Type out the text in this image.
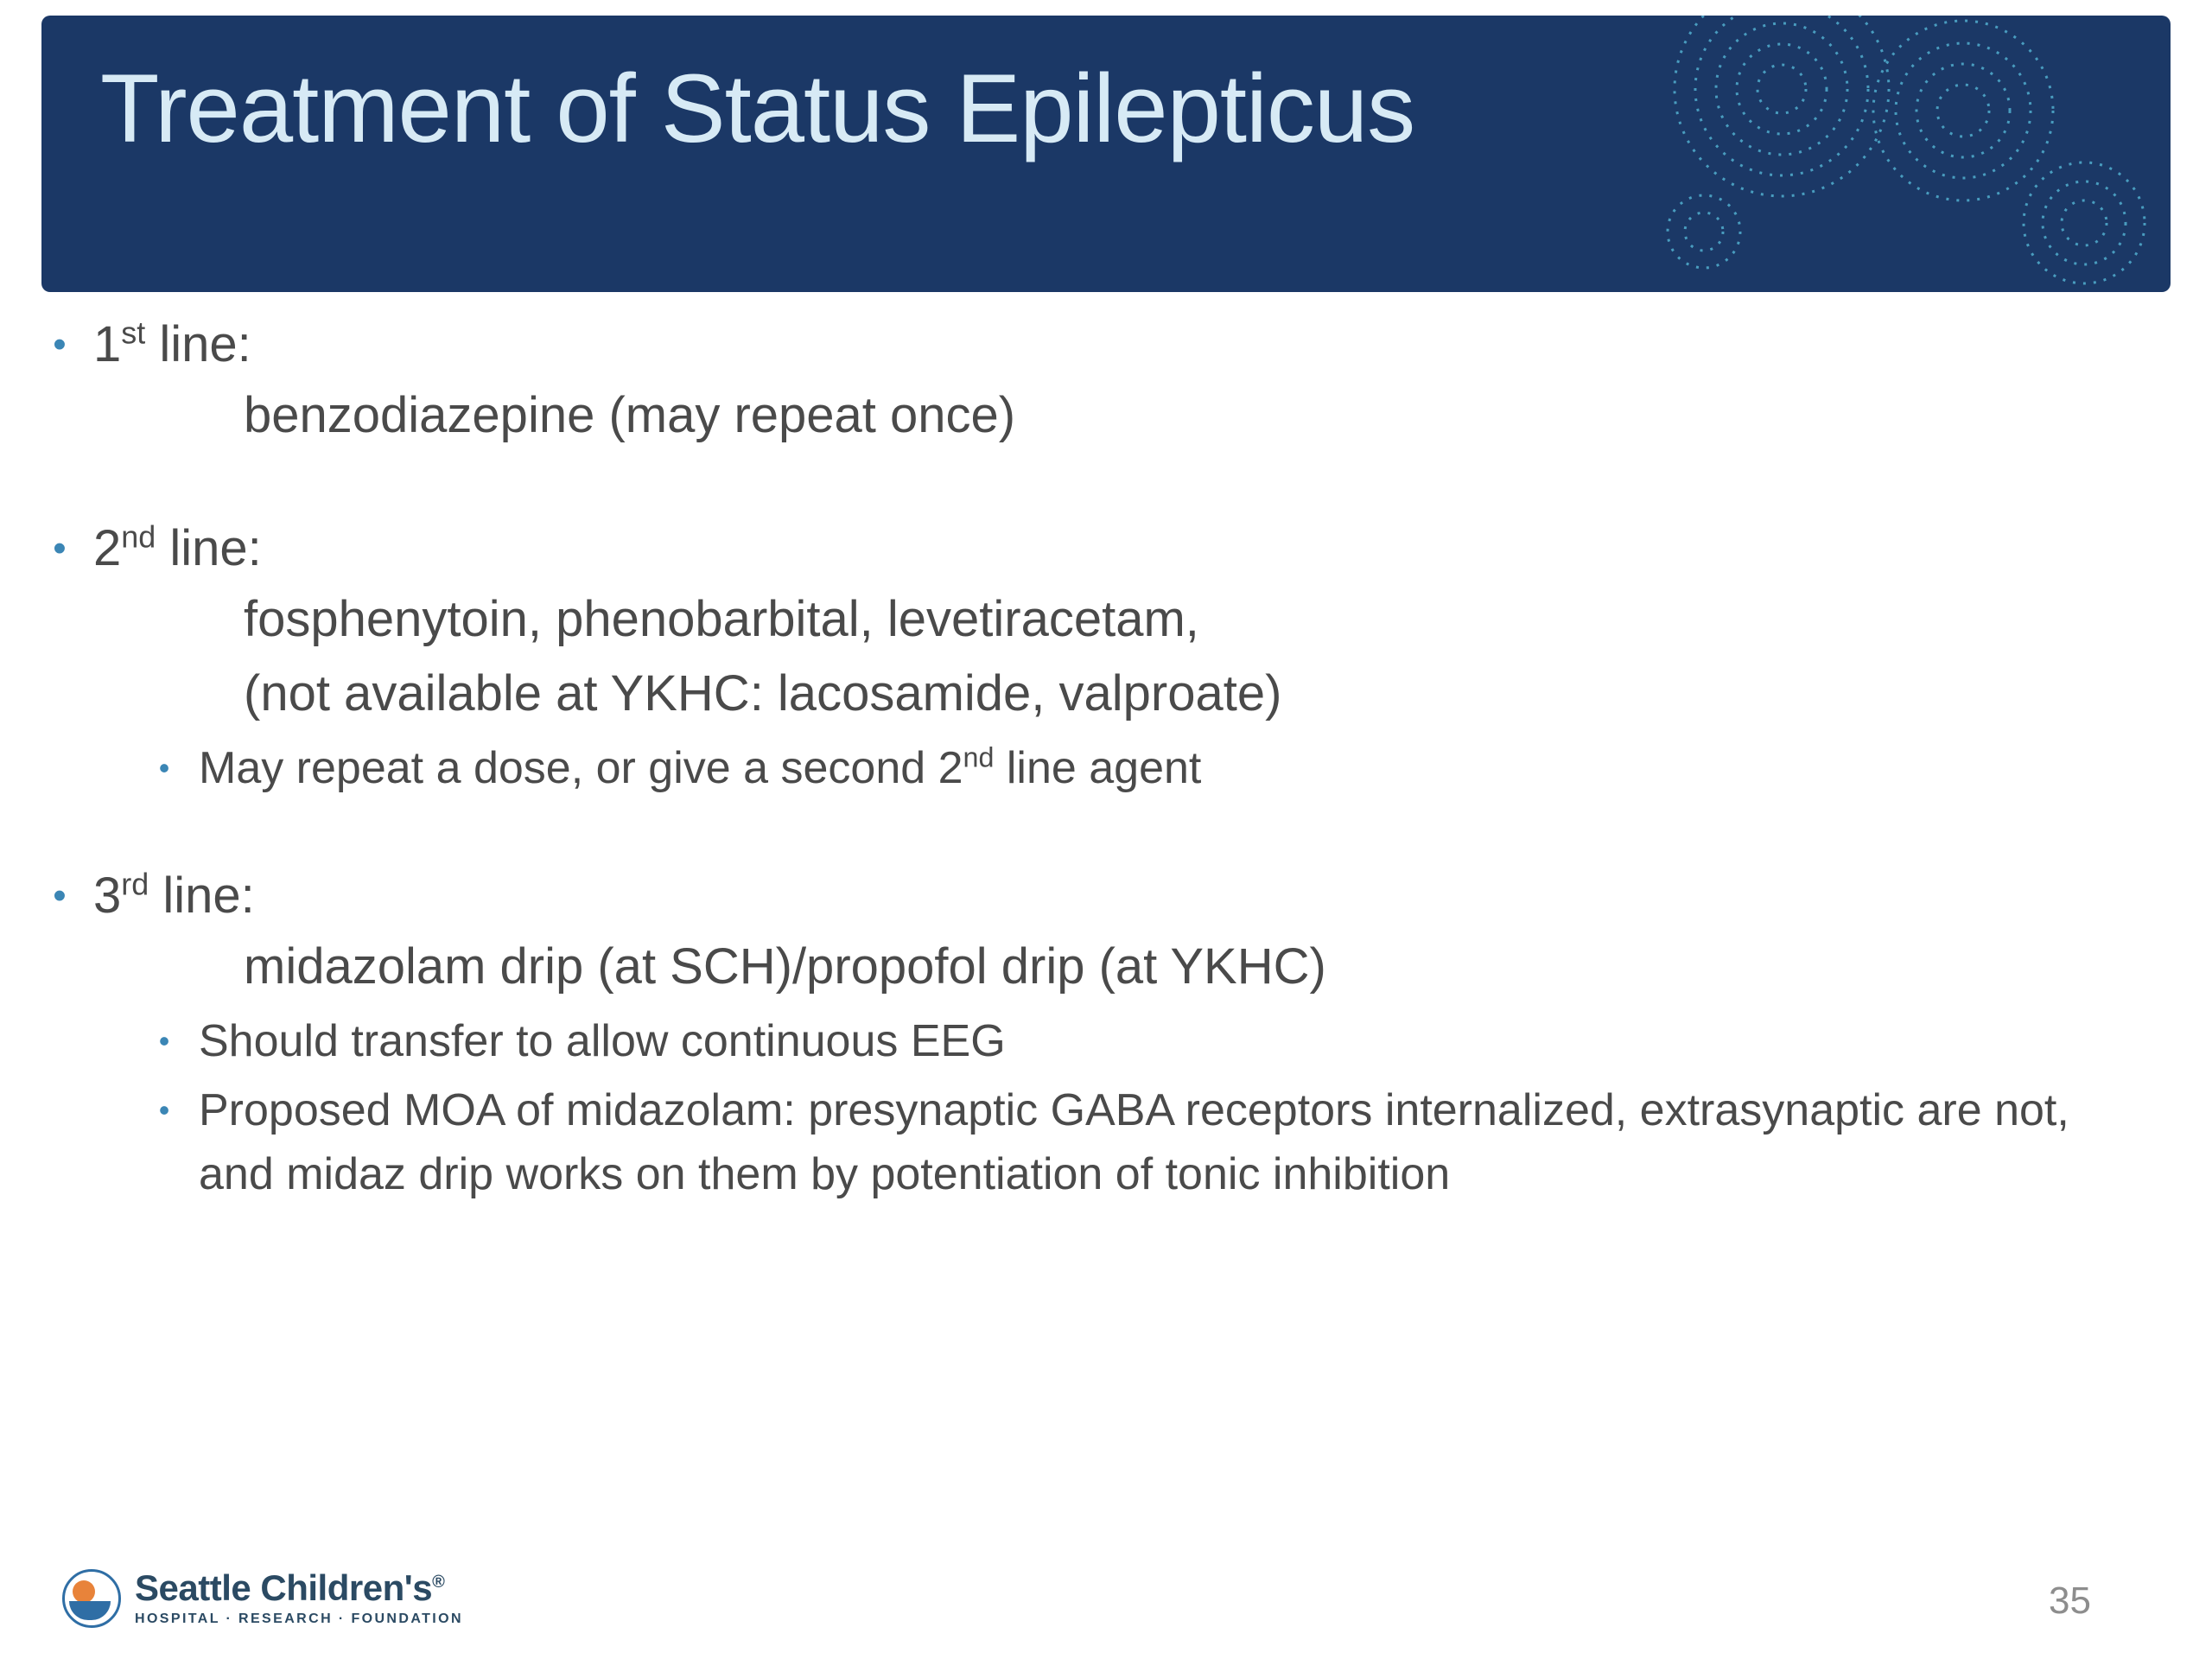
Treatment of Status Epilepticus
• 1st line:
benzodiazepine (may repeat once)
• 2nd line:
fosphenytoin, phenobarbital, levetiracetam,
(not available at YKHC: lacosamide, valproate)
• May repeat a dose, or give a second 2nd line agent
• 3rd line:
midazolam drip (at SCH)/propofol drip (at YKHC)
• Should transfer to allow continuous EEG
• Proposed MOA of midazolam: presynaptic GABA receptors internalized, extrasynaptic are not, and midaz drip works on them by potentiation of tonic inhibition
Seattle Children's®
HOSPITAL · RESEARCH · FOUNDATION	35
